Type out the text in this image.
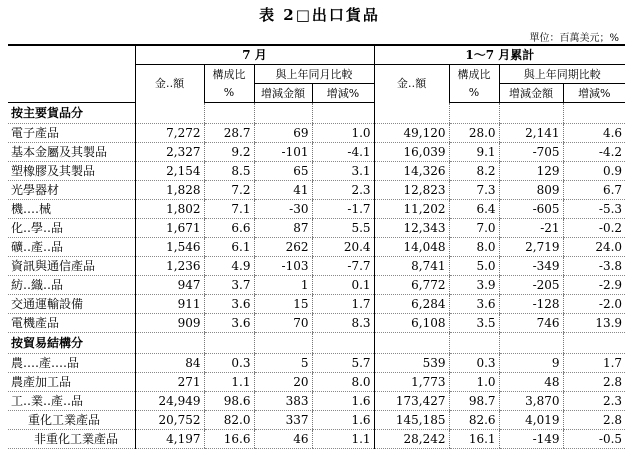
表 2□出口貨品
單位：百萬美元；%
	7 月				1～7 月累計			
	金‥額	構成比	與上年同月比較		金‥額	構成比	與上年同期比較	
		%	增減金額	增減%		%	增減金額	增減%
按主要貨品分								
電子產品	7,272	28.7	69	1.0	49,120	28.0	2,141	4.6
基本金屬及其製品	2,327	9.2	-101	-4.1	16,039	9.1	-705	-4.2
塑橡膠及其製品	2,154	8.5	65	3.1	14,326	8.2	129	0.9
光學器材	1,828	7.2	41	2.3	12,823	7.3	809	6.7
機‥‥械	1,802	7.1	-30	-1.7	11,202	6.4	-605	-5.3
化‥學‥品	1,671	6.6	87	5.5	12,343	7.0	-21	-0.2
礦‥產‥品	1,546	6.1	262	20.4	14,048	8.0	2,719	24.0
資訊與通信產品	1,236	4.9	-103	-7.7	8,741	5.0	-349	-3.8
紡‥織‥品	947	3.7	1	0.1	6,772	3.9	-205	-2.9
交通運輸設備	911	3.6	15	1.7	6,284	3.6	-128	-2.0
電機產品	909	3.6	70	8.3	6,108	3.5	746	13.9
按貿易結構分								
農‥‥產‥‥品	84	0.3	5	5.7	539	0.3	9	1.7
農產加工品	271	1.1	20	8.0	1,773	1.0	48	2.8
工‥業‥產‥品	24,949	98.6	383	1.6	173,427	98.7	3,870	2.3
重化工業產品	20,752	82.0	337	1.6	145,185	82.6	4,019	2.8
非重化工業產品	4,197	16.6	46	1.1	28,242	16.1	-149	-0.5
